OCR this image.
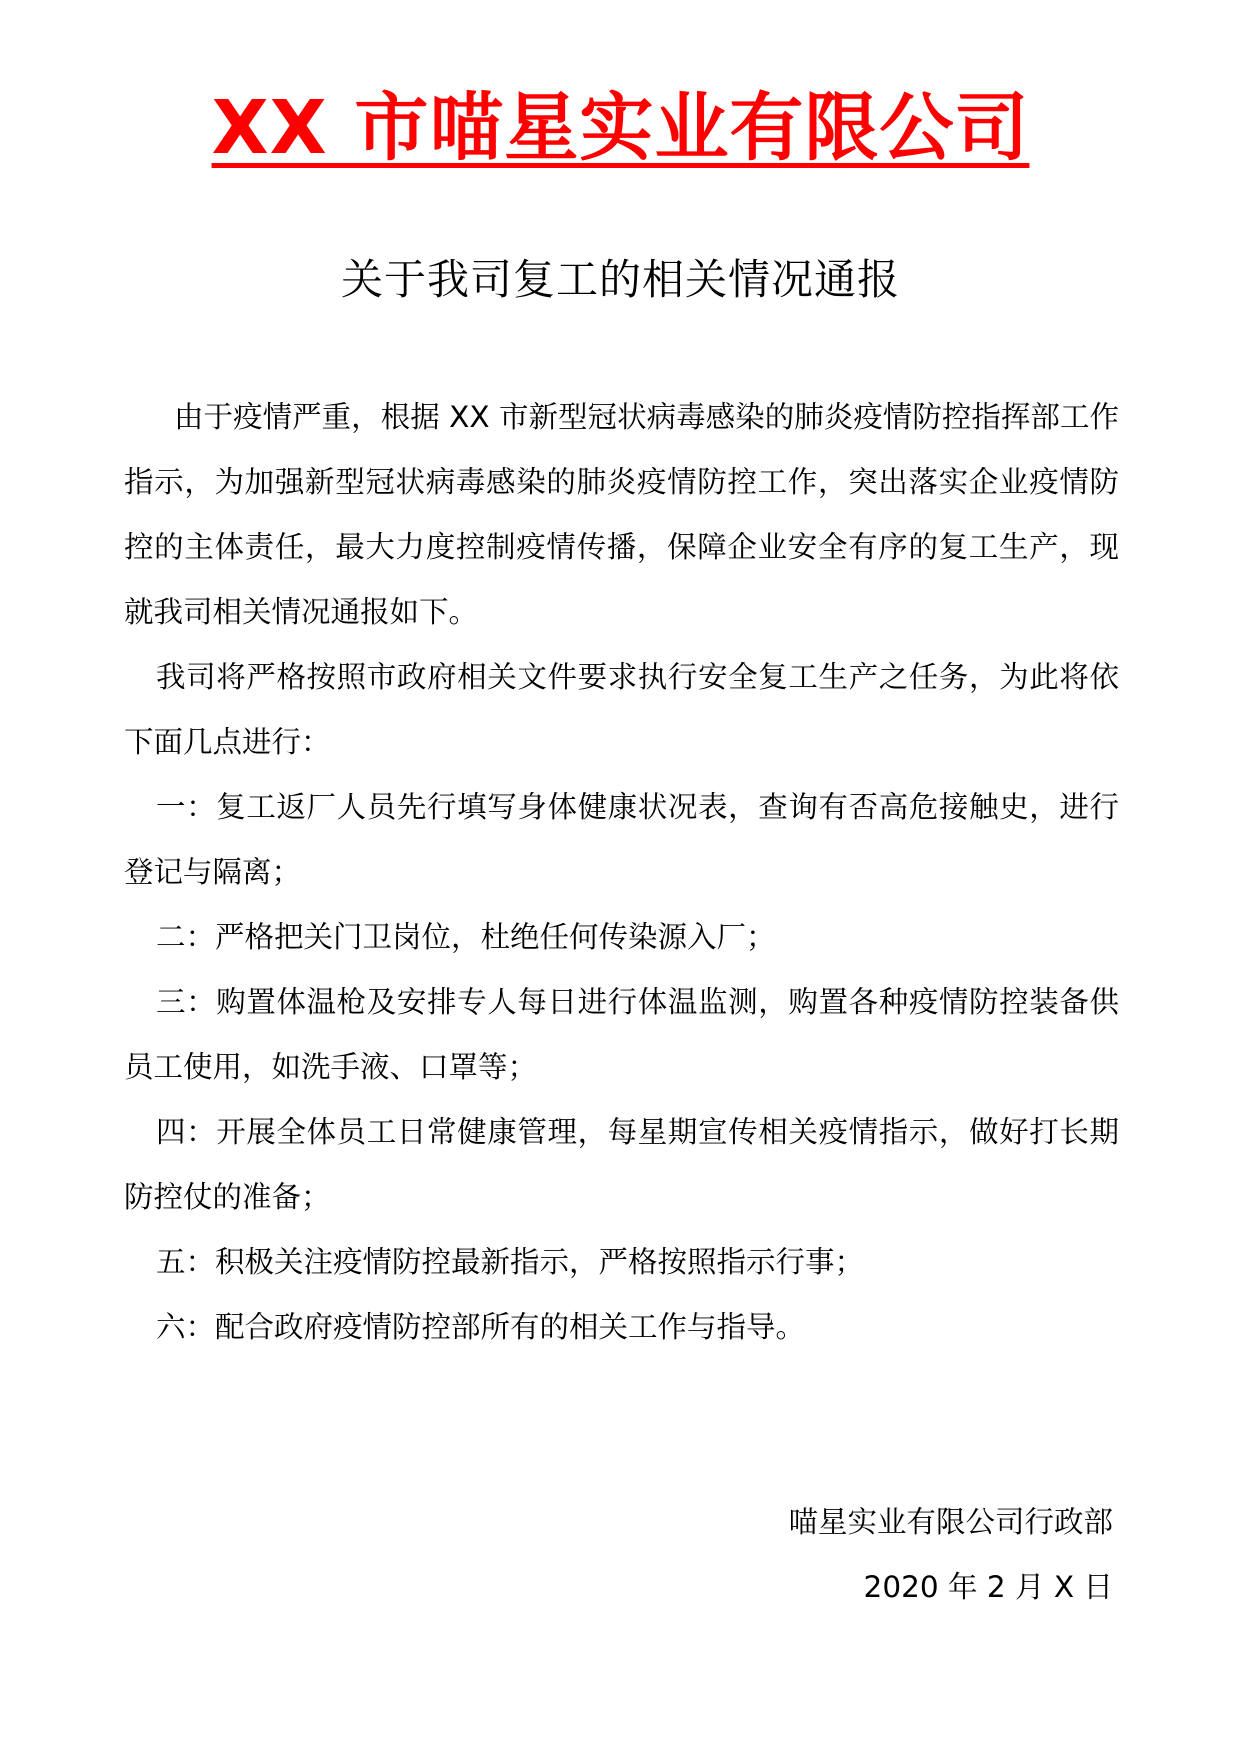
XX 市喵星实业有限公司
关于我司复工的相关情况通报

由于疫情严重，根据 XX 市新型冠状病毒感染的肺炎疫情防控指挥部工作指示，为加强新型冠状病毒感染的肺炎疫情防控工作，突出落实企业疫情防控的主体责任，最大力度控制疫情传播，保障企业安全有序的复工生产，现就我司相关情况通报如下。

我司将严格按照市政府相关文件要求执行安全复工生产之任务，为此将依下面几点进行：

一：复工返厂人员先行填写身体健康状况表，查询有否高危接触史，进行登记与隔离；

二：严格把关门卫岗位，杜绝任何传染源入厂；

三：购置体温枪及安排专人每日进行体温监测，购置各种疫情防控装备供员工使用，如洗手液、口罩等；

四：开展全体员工日常健康管理，每星期宣传相关疫情指示，做好打长期防控仗的准备；

五：积极关注疫情防控最新指示，严格按照指示行事；

六：配合政府疫情防控部所有的相关工作与指导。

喵星实业有限公司行政部
2020 年 2 月 X 日
